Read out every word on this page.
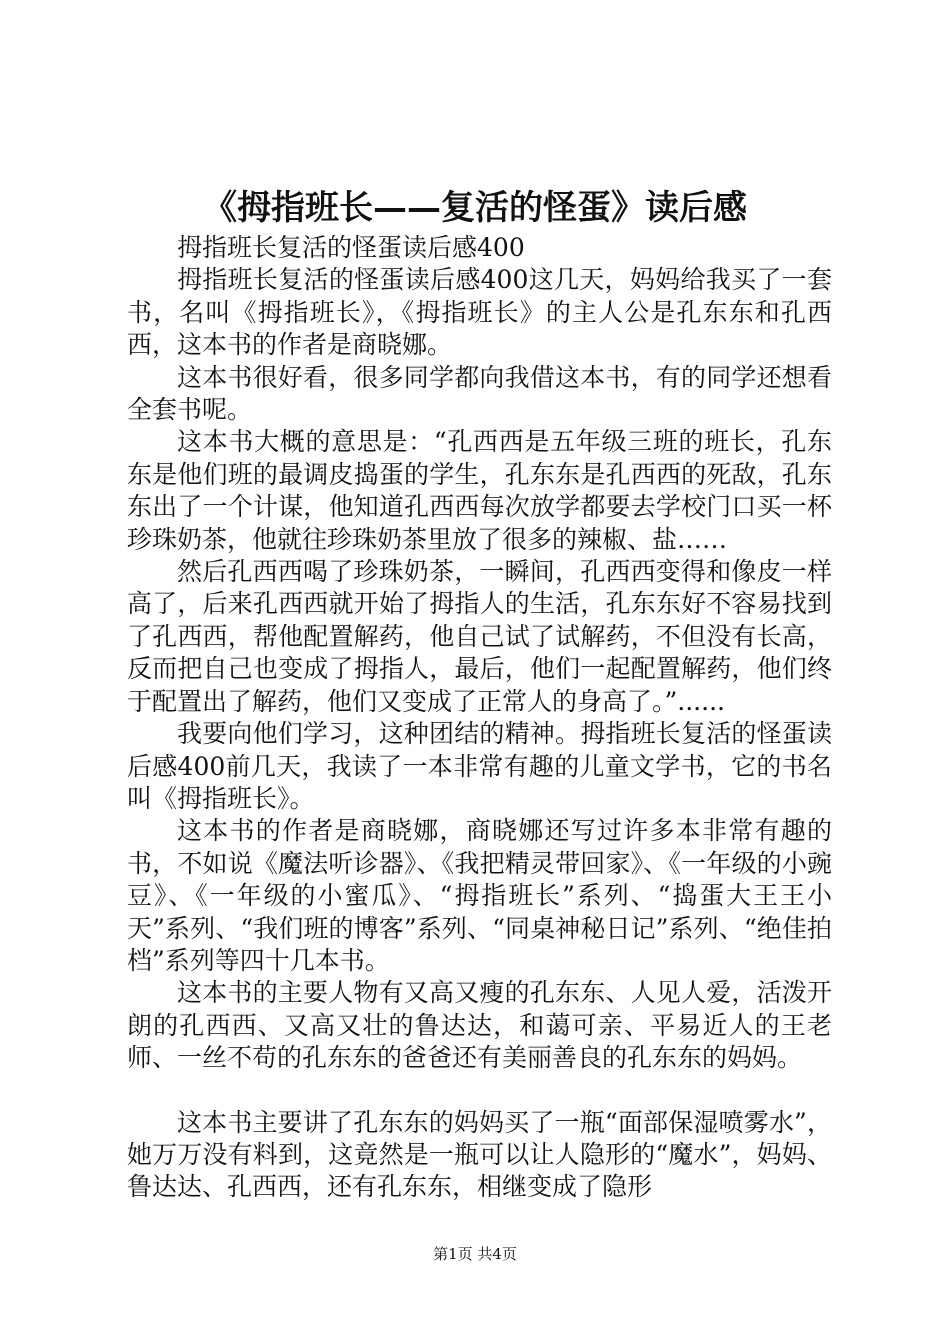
《拇指班长——复活的怪蛋》读后感

拇指班长复活的怪蛋读后感400

拇指班长复活的怪蛋读后感400这几天，妈妈给我买了一套书，名叫《拇指班长》，《拇指班长》的主人公是孔东东和孔西西，这本书的作者是商晓娜。

这本书很好看，很多同学都向我借这本书，有的同学还想看全套书呢。

这本书大概的意思是：“孔西西是五年级三班的班长，孔东东是他们班的最调皮捣蛋的学生，孔东东是孔西西的死敌，孔东东出了一个计谋，他知道孔西西每次放学都要去学校门口买一杯珍珠奶茶，他就往珍珠奶茶里放了很多的辣椒、盐……

然后孔西西喝了珍珠奶茶，一瞬间，孔西西变得和像皮一样高了，后来孔西西就开始了拇指人的生活，孔东东好不容易找到了孔西西，帮他配置解药，他自己试了试解药，不但没有长高，反而把自己也变成了拇指人，最后，他们一起配置解药，他们终于配置出了解药，他们又变成了正常人的身高了。”......

我要向他们学习，这种团结的精神。拇指班长复活的怪蛋读后感400前几天，我读了一本非常有趣的儿童文学书，它的书名叫《拇指班长》。

这本书的作者是商晓娜，商晓娜还写过许多本非常有趣的书，不如说《魔法听诊器》、《我把精灵带回家》、《一年级的小豌豆》、《一年级的小蜜瓜》、“拇指班长”系列、“捣蛋大王王小天”系列、“我们班的博客”系列、“同桌神秘日记”系列、“绝佳拍档”系列等四十几本书。

这本书的主要人物有又高又瘦的孔东东、人见人爱，活泼开朗的孔西西、又高又壮的鲁达达，和蔼可亲、平易近人的王老师、一丝不苟的孔东东的爸爸还有美丽善良的孔东东的妈妈。

这本书主要讲了孔东东的妈妈买了一瓶“面部保湿喷雾水”，她万万没有料到，这竟然是一瓶可以让人隐形的“魔水”，妈妈、鲁达达、孔西西，还有孔东东，相继变成了隐形

第1页 共4页
